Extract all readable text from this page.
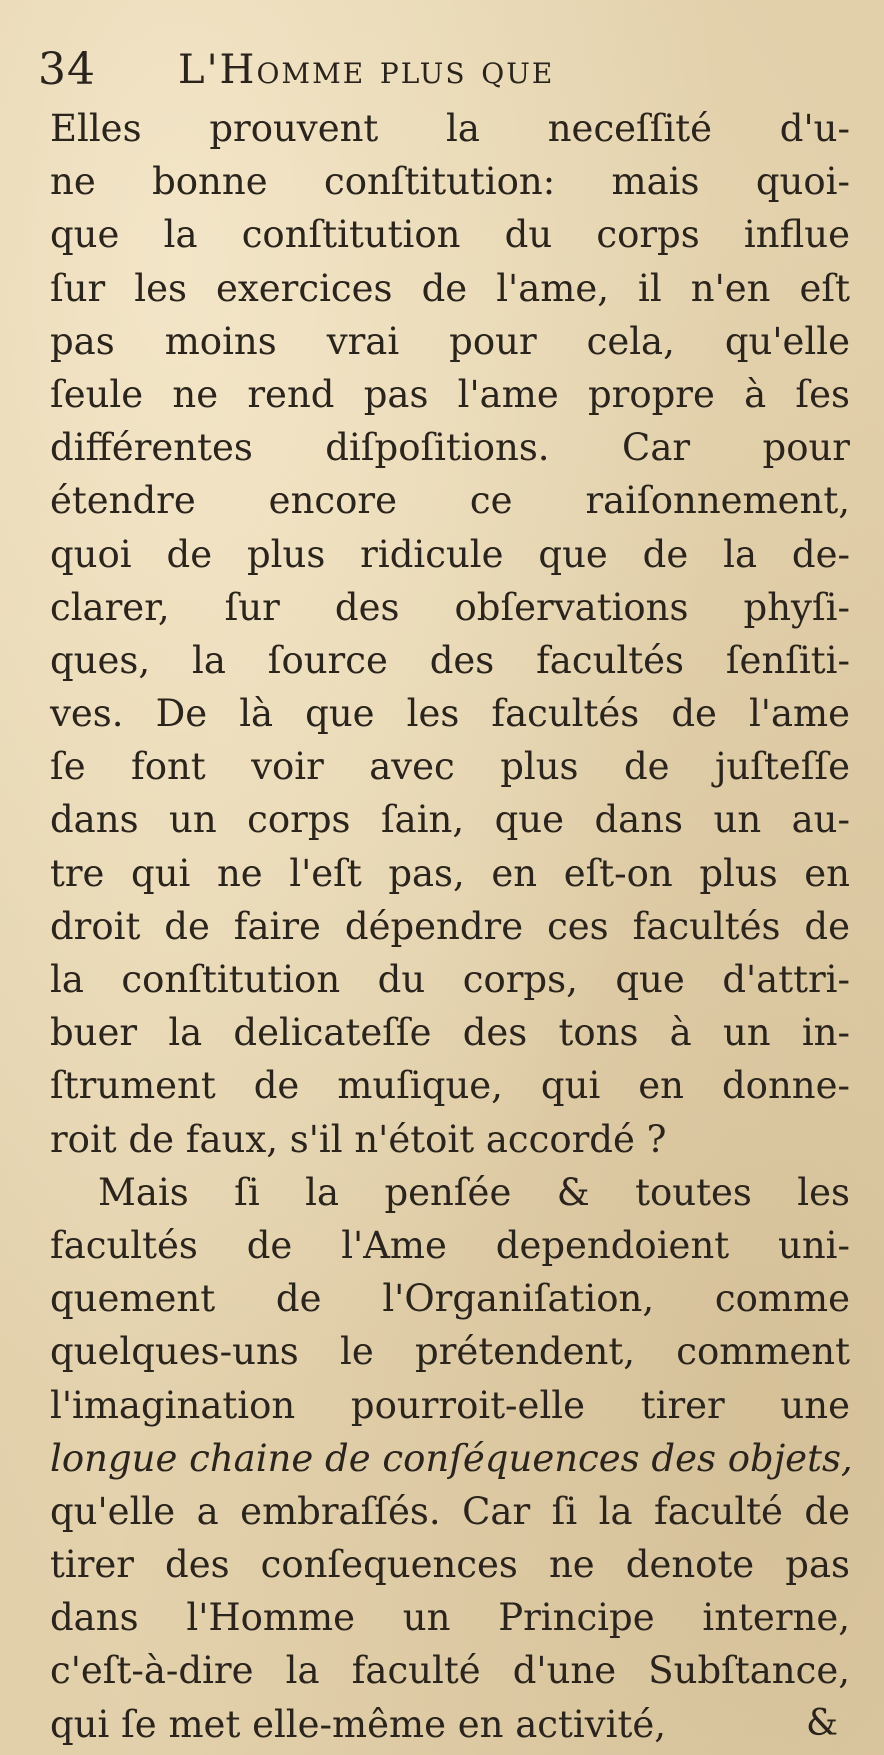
34 L'Homme plus que
Elles prouvent la neceſſité d'u-
ne bonne conſtitution: mais quoi-
que la conſtitution du corps influe
ſur les exercices de l'ame, il n'en eſt
pas moins vrai pour cela, qu'elle
ſeule ne rend pas l'ame propre à ſes
différentes diſpoſitions. Car pour
étendre encore ce raiſonnement,
quoi de plus ridicule que de la de-
clarer, ſur des obſervations phyſi-
ques, la ſource des facultés ſenſiti-
ves. De là que les facultés de l'ame
ſe font voir avec plus de juſteſſe
dans un corps ſain, que dans un au-
tre qui ne l'eſt pas, en eſt-on plus en
droit de faire dépendre ces facultés de
la conſtitution du corps, que d'attri-
buer la delicateſſe des tons à un in-
ſtrument de muſique, qui en donne-
roit de faux, s'il n'étoit accordé ?
Mais ſi la penſée & toutes les
facultés de l'Ame dependoient uni-
quement de l'Organiſation, comme
quelques-uns le prétendent, comment
l'imagination pourroit-elle tirer une
longue chaine de conſéquences des objets,
qu'elle a embraſſés. Car ſi la faculté de
tirer des conſequences ne denote pas
dans l'Homme un Principe interne,
c'eſt-à-dire la faculté d'une Subſtance,
qui ſe met elle-même en activité,	&
